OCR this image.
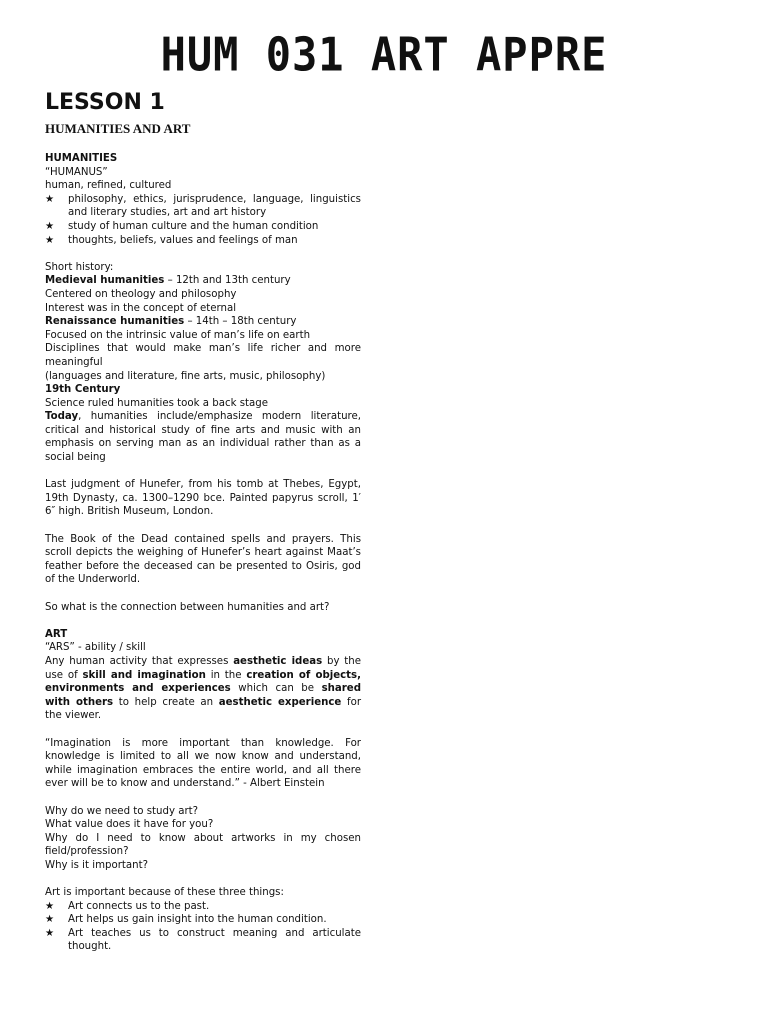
HUM 031 ART APPRE
LESSON 1
HUMANITIES AND ART

HUMANITIES

“HUMANUS”

human, refined, cultured

★	philosophy, ethics, jurisprudence, language, linguistics and literary studies, art and art history
★	study of human culture and the human condition
★	thoughts, beliefs, values and feelings of man

Short history:

Medieval humanities – 12th and 13th century

Centered on theology and philosophy

Interest was in the concept of eternal

Renaissance humanities – 14th – 18th century

Focused on the intrinsic value of man’s life on earth

Disciplines that would make man’s life richer and more meaningful

(languages and literature, fine arts, music, philosophy)

19th Century

Science ruled humanities took a back stage

Today, humanities include/emphasize modern literature, critical and historical study of fine arts and music with an emphasis on serving man as an individual rather than as a social being

Last judgment of Hunefer, from his tomb at Thebes, Egypt, 19th Dynasty, ca. 1300–1290 bce. Painted papyrus scroll, 1′ 6″ high. British Museum, London.

The Book of the Dead contained spells and prayers. This scroll depicts the weighing of Hunefer’s heart against Maat’s feather before the deceased can be presented to Osiris, god of the Underworld.

So what is the connection between humanities and art?

ART

“ARS” - ability / skill

Any human activity that expresses aesthetic ideas by the use of skill and imagination in the creation of objects, environments and experiences which can be shared with others to help create an aesthetic experience for the viewer.

“Imagination is more important than knowledge. For knowledge is limited to all we now know and understand, while imagination embraces the entire world, and all there ever will be to know and understand.” - Albert Einstein

Why do we need to study art?

What value does it have for you?

Why do I need to know about artworks in my chosen field/profession?

Why is it important?

Art is important because of these three things:

★	Art connects us to the past.
★	Art helps us gain insight into the human condition.
★	Art teaches us to construct meaning and articulate thought.
